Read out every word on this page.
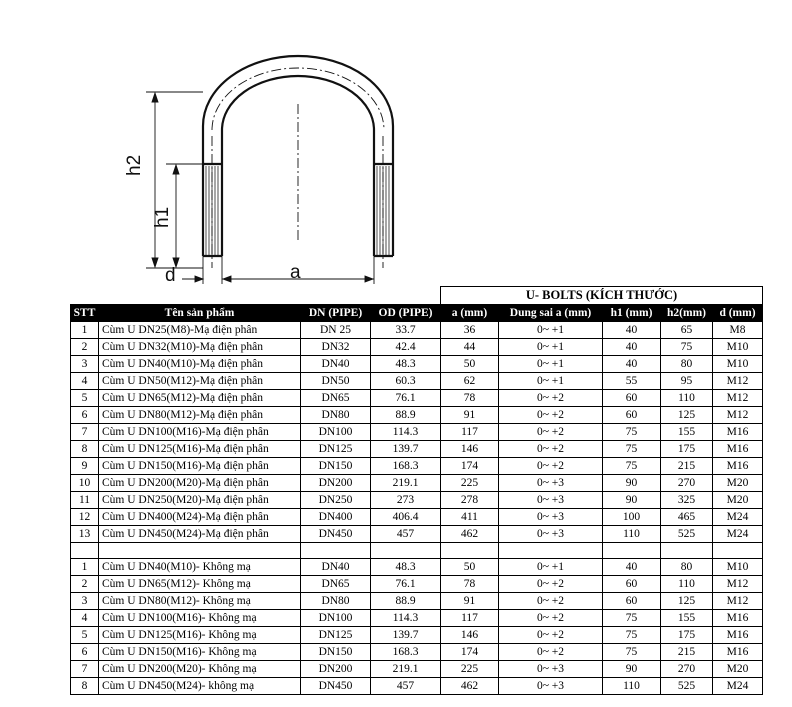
h2
h1
d	a
				U- BOLTS (KÍCH THƯỚC)				
STT	Tên sản phẩm	DN (PIPE)	OD (PIPE)	a (mm)	Dung sai a (mm)	h1 (mm)	h2(mm)	d (mm)
1	Cùm U DN25(M8)-Mạ điện phân	DN 25	33.7	36	0~ +1	40	65	M8
2	Cùm U DN32(M10)-Mạ điện phân	DN32	42.4	44	0~ +1	40	75	M10
3	Cùm U DN40(M10)-Mạ điện phân	DN40	48.3	50	0~ +1	40	80	M10
4	Cùm U DN50(M12)-Mạ điện phân	DN50	60.3	62	0~ +1	55	95	M12
5	Cùm U DN65(M12)-Mạ điện phân	DN65	76.1	78	0~ +2	60	110	M12
6	Cùm U DN80(M12)-Mạ điện phân	DN80	88.9	91	0~ +2	60	125	M12
7	Cùm U DN100(M16)-Mạ điện phân	DN100	114.3	117	0~ +2	75	155	M16
8	Cùm U DN125(M16)-Mạ điện phân	DN125	139.7	146	0~ +2	75	175	M16
9	Cùm U DN150(M16)-Mạ điện phân	DN150	168.3	174	0~ +2	75	215	M16
10	Cùm U DN200(M20)-Mạ điện phân	DN200	219.1	225	0~ +3	90	270	M20
11	Cùm U DN250(M20)-Mạ điện phân	DN250	273	278	0~ +3	90	325	M20
12	Cùm U DN400(M24)-Mạ điện phân	DN400	406.4	411	0~ +3	100	465	M24
13	Cùm U DN450(M24)-Mạ điện phân	DN450	457	462	0~ +3	110	525	M24

1	Cùm U DN40(M10)- Không mạ	DN40	48.3	50	0~ +1	40	80	M10
2	Cùm U DN65(M12)- Không mạ	DN65	76.1	78	0~ +2	60	110	M12
3	Cùm U DN80(M12)- Không mạ	DN80	88.9	91	0~ +2	60	125	M12
4	Cùm U DN100(M16)- Không mạ	DN100	114.3	117	0~ +2	75	155	M16
5	Cùm U DN125(M16)- Không mạ	DN125	139.7	146	0~ +2	75	175	M16
6	Cùm U DN150(M16)- Không mạ	DN150	168.3	174	0~ +2	75	215	M16
7	Cùm U DN200(M20)- Không mạ	DN200	219.1	225	0~ +3	90	270	M20
8	Cùm U DN450(M24)- không mạ	DN450	457	462	0~ +3	110	525	M24
